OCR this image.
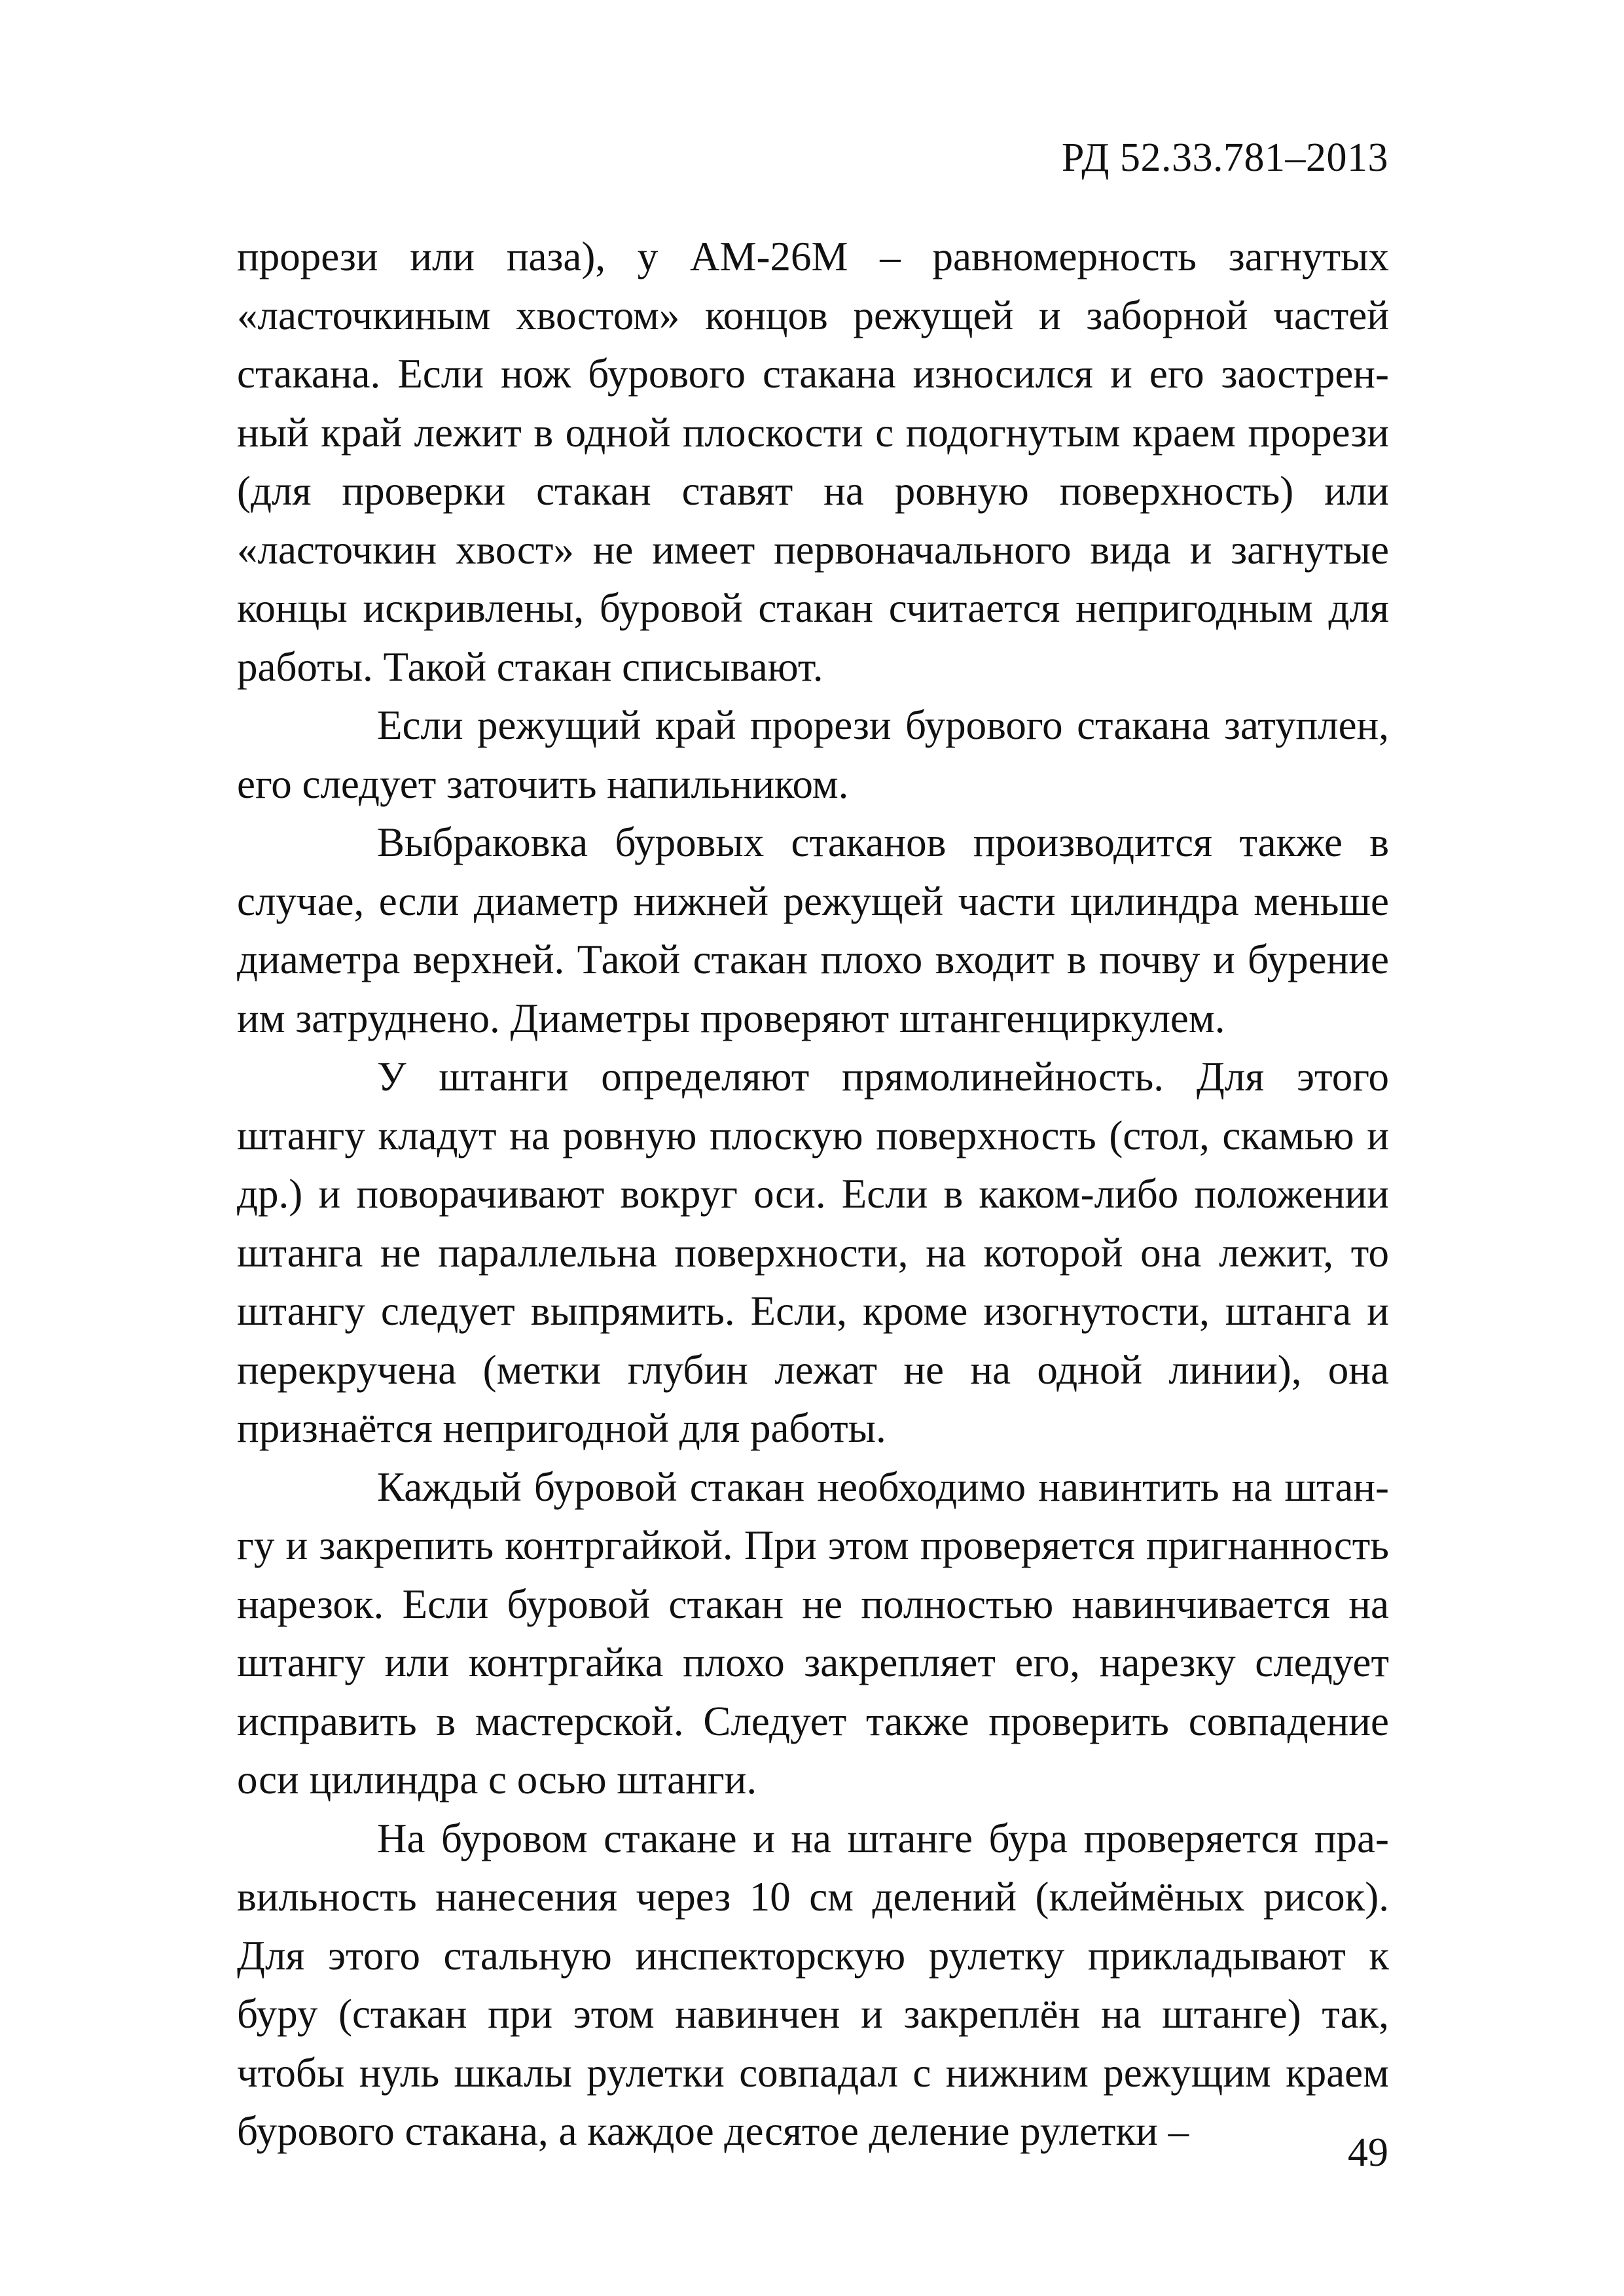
РД 52.33.781–2013

прорези или паза), у АМ-26М – равномерность загнутых «ласточкиным хвостом» концов режущей и заборной частей стакана. Если нож бурового стакана износился и его заостренный край лежит в одной плоскости с подогнутым краем прорези (для проверки стакан ставят на ровную поверхность) или «ласточкин хвост» не имеет первоначального вида и загнутые концы искривлены, буровой стакан считается непригодным для работы. Такой стакан списывают.

Если режущий край прорези бурового стакана затуплен, его следует заточить напильником.

Выбраковка буровых стаканов производится также в случае, если диаметр нижней режущей части цилиндра меньше диаметра верхней. Такой стакан плохо входит в почву и бурение им затруднено. Диаметры проверяют штангенциркулем.

У штанги определяют прямолинейность. Для этого штангу кладут на ровную плоскую поверхность (стол, скамью и др.) и поворачивают вокруг оси. Если в каком-либо положении штанга не параллельна поверхности, на которой она лежит, то штангу следует выпрямить. Если, кроме изогнутости, штанга и перекручена (метки глубин лежат не на одной линии), она признаётся непригодной для работы.

Каждый буровой стакан необходимо навинтить на штангу и закрепить контргайкой. При этом проверяется пригнанность нарезок. Если буровой стакан не полностью навинчивается на штангу или контргайка плохо закрепляет его, нарезку следует исправить в мастерской. Следует также проверить совпадение оси цилиндра с осью штанги.

На буровом стакане и на штанге бура проверяется правильность нанесения через 10 см делений (клеймёных рисок). Для этого стальную инспекторскую рулетку прикладывают к буру (стакан при этом навинчен и закреплён на штанге) так, чтобы нуль шкалы рулетки совпадал с нижним режущим краем бурового стакана, а каждое десятое деление рулетки –	49
